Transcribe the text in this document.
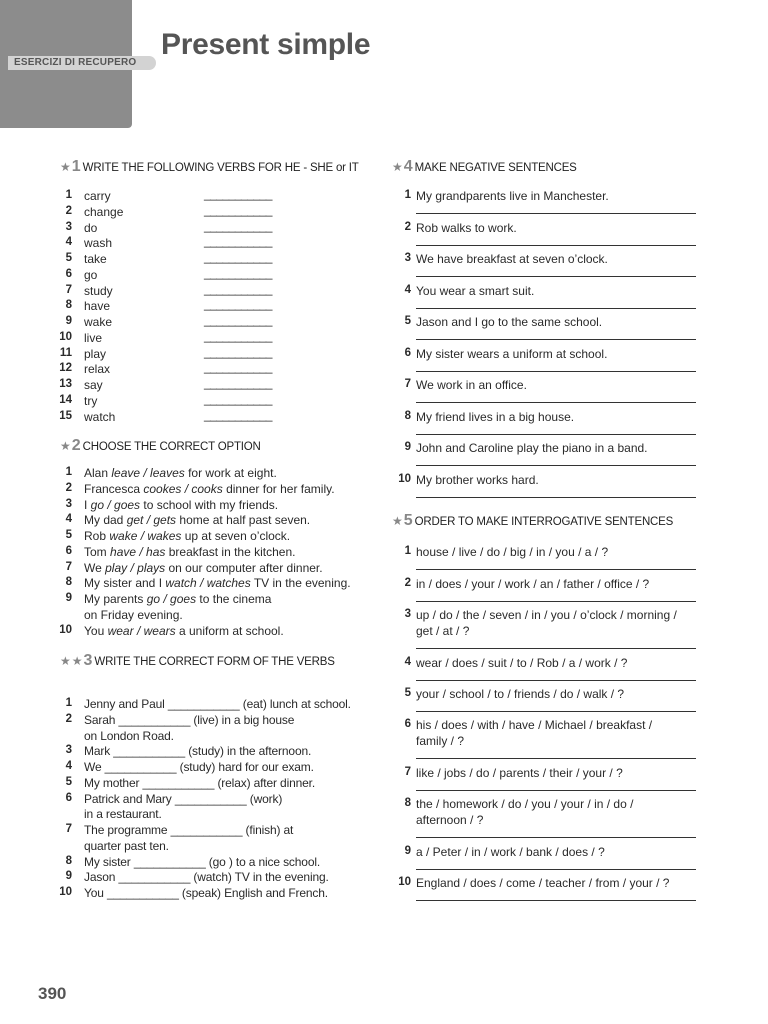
ESERCIZI DI RECUPERO
Present simple
★ 1 WRITE THE FOLLOWING VERBS FOR HE - SHE or IT
1 carry	___________
2 change	___________
3 do	___________
4 wash	___________
5 take	___________
6 go	___________
7 study	___________
8 have	___________
9 wake	___________
10 live	___________
11 play	___________
12 relax	___________
13 say	___________
14 try	___________
15 watch	___________
★ 2 CHOOSE THE CORRECT OPTION
1 Alan leave / leaves for work at eight.
2 Francesca cookes / cooks dinner for her family.
3 I go / goes to school with my friends.
4 My dad get / gets home at half past seven.
5 Rob wake / wakes up at seven o’clock.
6 Tom have / has breakfast in the kitchen.
7 We play / plays on our computer after dinner.
8 My sister and I watch / watches TV in the evening.
9 My parents go / goes to the cinema
on Friday evening.
10 You wear / wears a uniform at school.
★★ 3 WRITE THE CORRECT FORM OF THE VERBS
1 Jenny and Paul ___________ (eat) lunch at school.
2 Sarah ___________ (live) in a big house
on London Road.
3 Mark ___________ (study) in the afternoon.
4 We ___________ (study) hard for our exam.
5 My mother ___________ (relax) after dinner.
6 Patrick and Mary ___________ (work)
in a restaurant.
7 The programme ___________ (finish) at
quarter past ten.
8 My sister ___________ (go ) to a nice school.
9 Jason ___________ (watch) TV in the evening.
10 You ___________ (speak) English and French.
★ 4 MAKE NEGATIVE SENTENCES
1 My grandparents live in Manchester.
2 Rob walks to work.
3 We have breakfast at seven o’clock.
4 You wear a smart suit.
5 Jason and I go to the same school.
6 My sister wears a uniform at school.
7 We work in an office.
8 My friend lives in a big house.
9 John and Caroline play the piano in a band.
10 My brother works hard.
★ 5 ORDER TO MAKE INTERROGATIVE SENTENCES
1 house / live / do / big / in / you / a / ?
2 in / does / your / work / an / father / office / ?
3 up / do / the / seven / in / you / o’clock / morning /
get / at / ?
4 wear / does / suit / to / Rob / a / work / ?
5 your / school / to / friends / do / walk / ?
6 his / does / with / have / Michael / breakfast /
family / ?
7 like / jobs / do / parents / their / your / ?
8 the / homework / do / you / your / in / do /
afternoon / ?
9 a / Peter / in / work / bank / does / ?
10 England / does / come / teacher / from / your / ?
390
